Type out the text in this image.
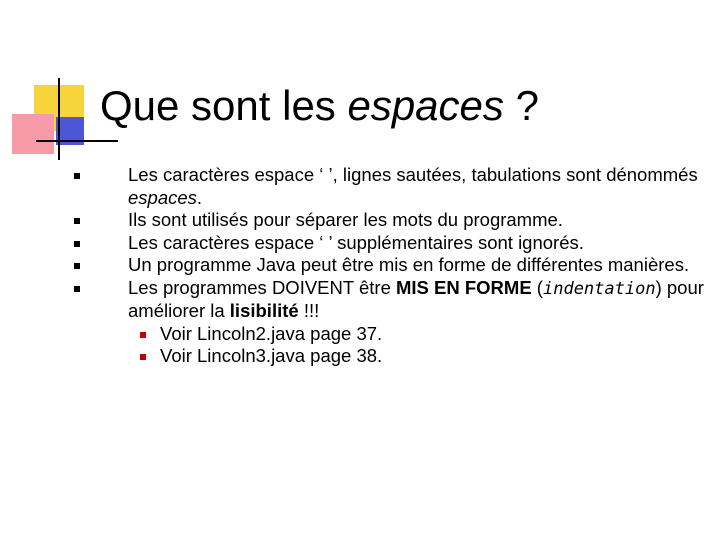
Que sont les espaces ?
Les caractères espace ‘ ’, lignes sautées, tabulations sont dénommés espaces.
Ils sont utilisés pour séparer les mots du programme.
Les caractères espace ‘ ’ supplémentaires sont ignorés.
Un programme Java peut être mis en forme de différentes manières.
Les programmes DOIVENT être MIS EN FORME (indentation) pour améliorer la lisibilité !!!
Voir Lincoln2.java page 37.
Voir Lincoln3.java page 38.
